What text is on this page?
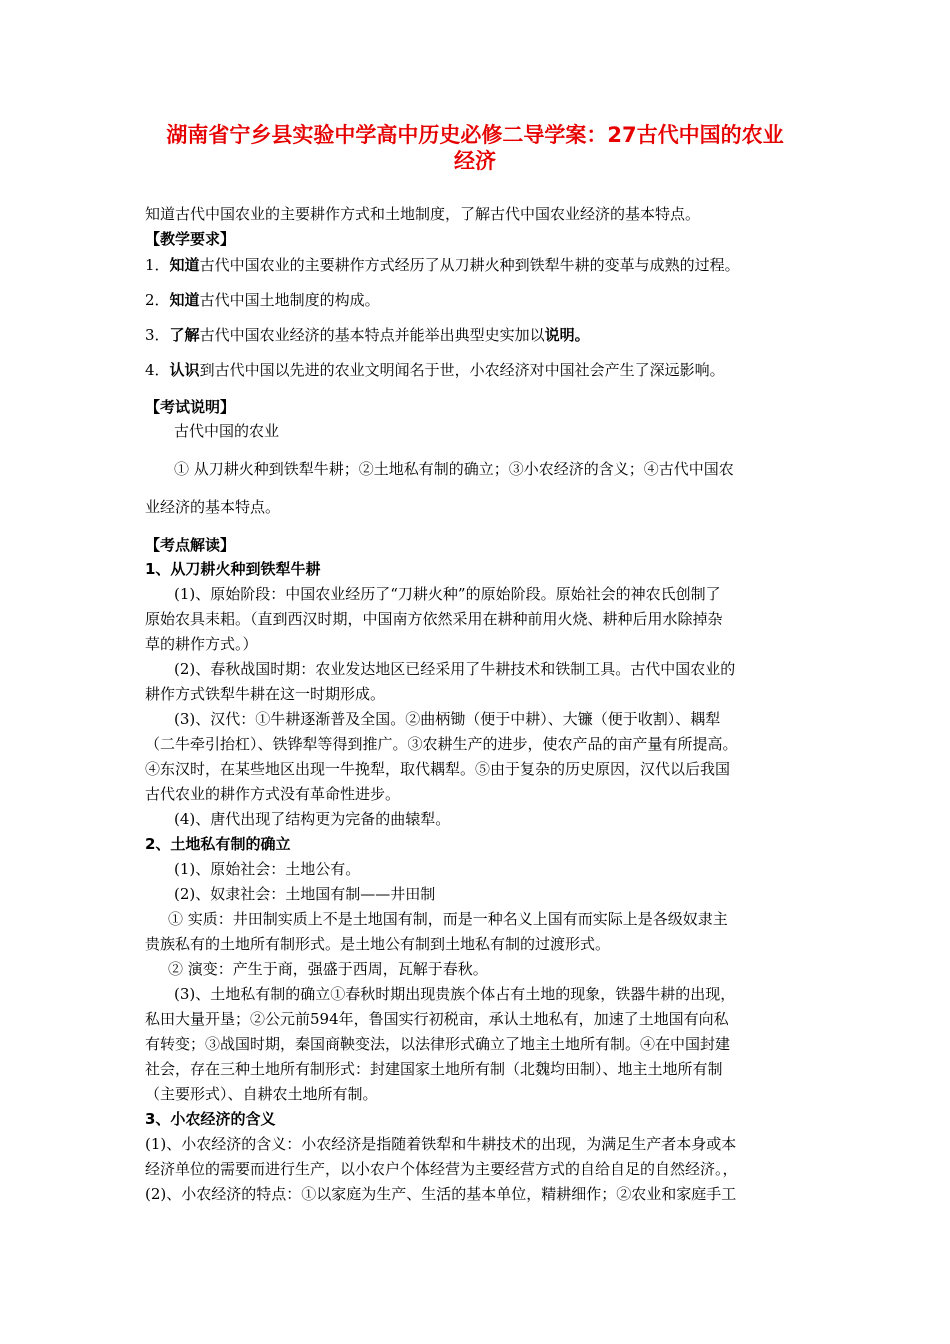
湖南省宁乡县实验中学高中历史必修二导学案：27古代中国的农业
经济
知道古代中国农业的主要耕作方式和土地制度，了解古代中国农业经济的基本特点。
【教学要求】
1．知道古代中国农业的主要耕作方式经历了从刀耕火种到铁犁牛耕的变革与成熟的过程。
2．知道古代中国土地制度的构成。
3．了解古代中国农业经济的基本特点并能举出典型史实加以说明。
4．认识到古代中国以先进的农业文明闻名于世，小农经济对中国社会产生了深远影响。
【考试说明】
古代中国的农业
① 从刀耕火种到铁犁牛耕；②土地私有制的确立；③小农经济的含义；④古代中国农
业经济的基本特点。
【考点解读】
1、从刀耕火种到铁犁牛耕
(1)、原始阶段：中国农业经历了“刀耕火种”的原始阶段。原始社会的神农氏创制了
原始农具耒耜。（直到西汉时期，中国南方依然采用在耕种前用火烧、耕种后用水除掉杂
草的耕作方式。）
(2)、春秋战国时期：农业发达地区已经采用了牛耕技术和铁制工具。古代中国农业的
耕作方式铁犁牛耕在这一时期形成。
(3)、汉代：①牛耕逐渐普及全国。②曲柄锄（便于中耕）、大镰（便于收割）、耦犁
（二牛牵引抬杠）、铁铧犁等得到推广。③农耕生产的进步，使农产品的亩产量有所提高。
④东汉时，在某些地区出现一牛挽犁，取代耦犁。⑤由于复杂的历史原因，汉代以后我国
古代农业的耕作方式没有革命性进步。
(4)、唐代出现了结构更为完备的曲辕犁。
2、土地私有制的确立
(1)、原始社会：土地公有。
(2)、奴隶社会：土地国有制——井田制
① 实质：井田制实质上不是土地国有制，而是一种名义上国有而实际上是各级奴隶主
贵族私有的土地所有制形式。是土地公有制到土地私有制的过渡形式。
② 演变：产生于商，强盛于西周，瓦解于春秋。
(3)、土地私有制的确立①春秋时期出现贵族个体占有土地的现象，铁器牛耕的出现，
私田大量开垦；②公元前594年，鲁国实行初税亩，承认土地私有，加速了土地国有向私
有转变；③战国时期，秦国商鞅变法，以法律形式确立了地主土地所有制。④在中国封建
社会，存在三种土地所有制形式：封建国家土地所有制（北魏均田制）、地主土地所有制
（主要形式）、自耕农土地所有制。
3、小农经济的含义
(1)、小农经济的含义：小农经济是指随着铁犁和牛耕技术的出现，为满足生产者本身或本
经济单位的需要而进行生产，以小农户个体经营为主要经营方式的自给自足的自然经济。，
(2)、小农经济的特点：①以家庭为生产、生活的基本单位，精耕细作；②农业和家庭手工
